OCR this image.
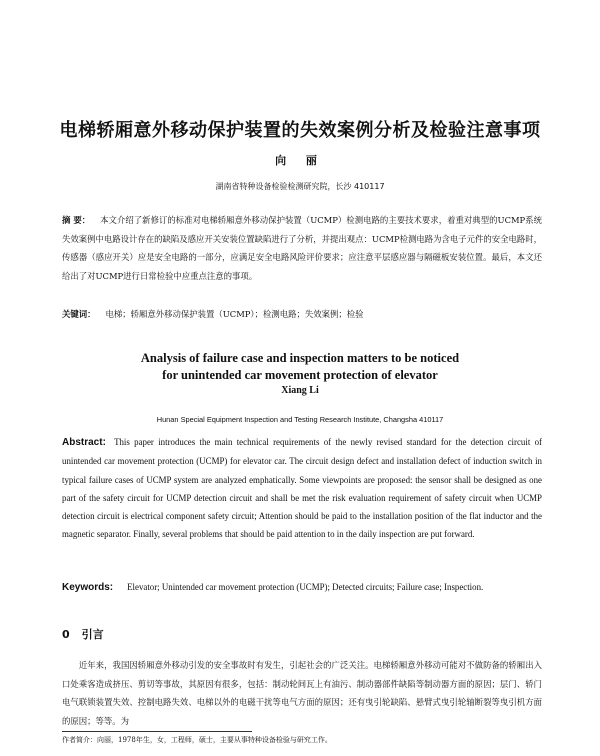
电梯轿厢意外移动保护装置的失效案例分析及检验注意事项
向 丽
湖南省特种设备检验检测研究院，长沙 410117
摘 要： 本文介绍了新修订的标准对电梯轿厢意外移动保护装置（UCMP）检测电路的主要技术要求，着重对典型的UCMP系统失效案例中电路设计存在的缺陷及感应开关安装位置缺陷进行了分析，并提出观点：UCMP检测电路为含电子元件的安全电路时，传感器（感应开关）应是安全电路的一部分，应满足安全电路风险评价要求；应注意平层感应器与隔磁板安装位置。最后，本文还给出了对UCMP进行日常检验中应重点注意的事项。
关键词： 电梯；轿厢意外移动保护装置（UCMP）；检测电路；失效案例；检验
Analysis of failure case and inspection matters to be noticed
for unintended car movement protection of elevator
Xiang Li
Hunan Special Equipment Inspection and Testing Research Institute, Changsha 410117
Abstract: This paper introduces the main technical requirements of the newly revised standard for the detection circuit of unintended car movement protection (UCMP) for elevator car. The circuit design defect and installation defect of induction switch in typical failure cases of UCMP system are analyzed emphatically. Some viewpoints are proposed: the sensor shall be designed as one part of the safety circuit for UCMP detection circuit and shall be met the risk evaluation requirement of safety circuit when UCMP detection circuit is electrical component safety circuit; Attention should be paid to the installation position of the flat inductor and the magnetic separator. Finally, several problems that should be paid attention to in the daily inspection are put forward.
Keywords: Elevator; Unintended car movement protection (UCMP); Detected circuits; Failure case; Inspection.
0 引言
　　近年来，我国因轿厢意外移动引发的安全事故时有发生，引起社会的广泛关注。电梯轿厢意外移动可能对不做防备的轿厢出入口处乘客造成挤压、剪切等事故，其原因有很多，包括：制动轮间瓦上有油污、制动器部件缺陷等制动器方面的原因；层门、轿门电气联锁装置失效、控制电路失效、电梯以外的电磁干扰等电气方面的原因；还有曳引轮缺陷、悬臂式曳引轮轴断裂等曳引机方面的原因；等等。为
作者简介：向丽，1978年生，女，工程师，硕士，主要从事特种设备检验与研究工作。
